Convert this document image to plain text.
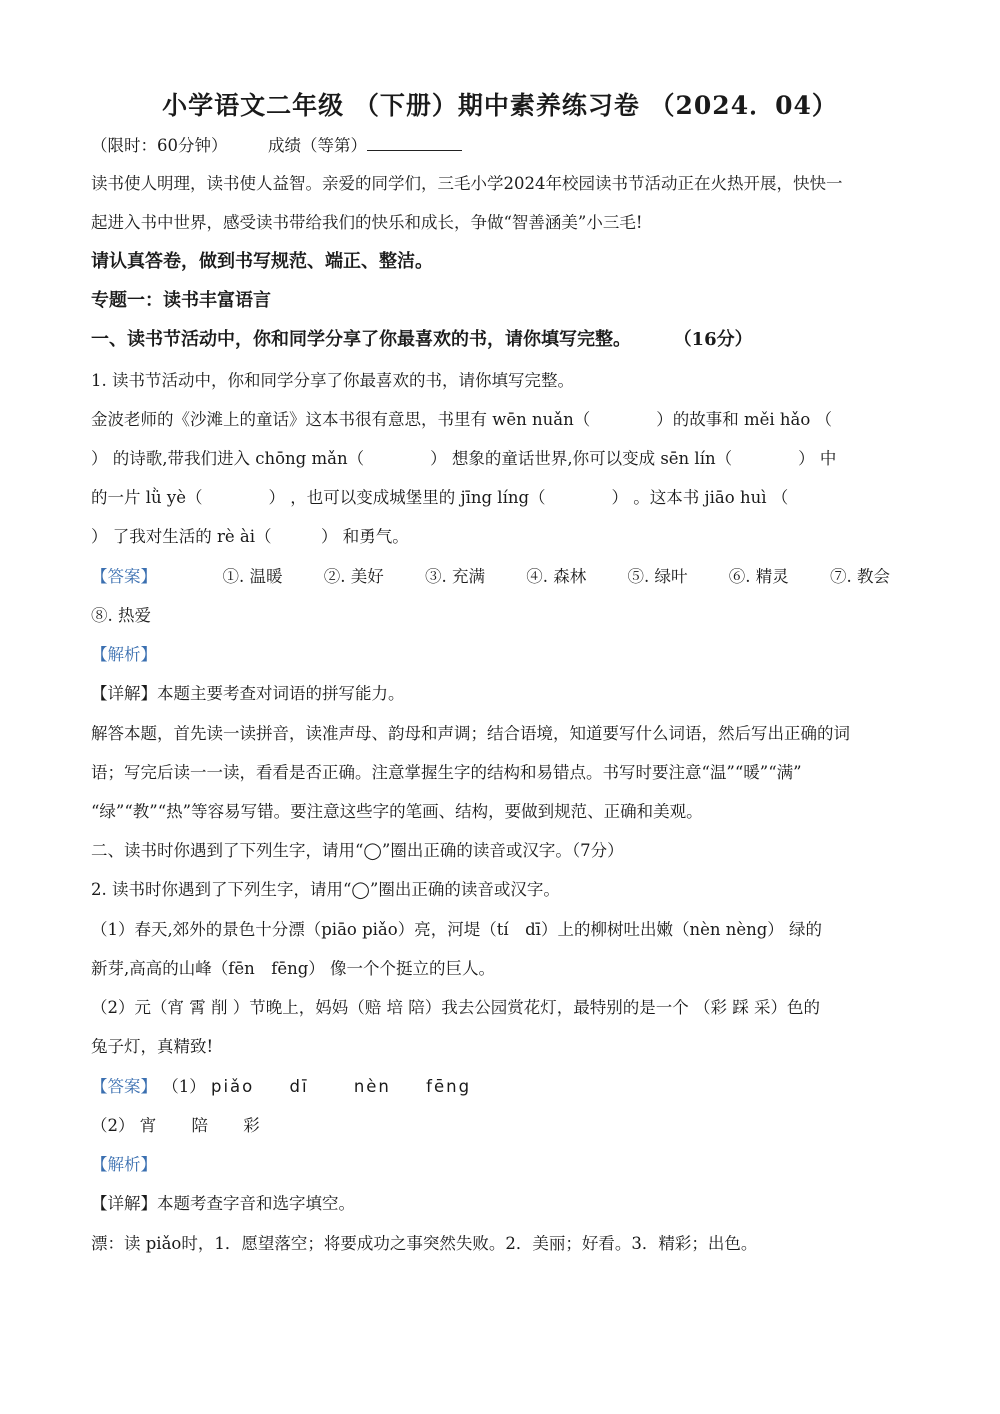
小学语文二年级 （下册）期中素养练习卷 （2024．04）
（限时：60分钟） 成绩（等第）
读书使人明理，读书使人益智。亲爱的同学们，三毛小学2024年校园读书节活动正在火热开展，快快一
起进入书中世界，感受读书带给我们的快乐和成长，争做“智善涵美”小三毛!
请认真答卷，做到书写规范、端正、整洁。
专题一：读书丰富语言
一、读书节活动中，你和同学分享了你最喜欢的书，请你填写完整。 （16分）
1. 读书节活动中，你和同学分享了你最喜欢的书，请你填写完整。
金波老师的《沙滩上的童话》这本书很有意思，书里有 wēn nuǎn（　　　　）的故事和 měi hǎo （
） 的诗歌,带我们进入 chōng mǎn（　　　　） 想象的童话世界,你可以变成 sēn lín（　　　　） 中
的一片 lǜ yè（　　　　） ，也可以变成城堡里的 jīng líng（　　　　） 。这本书 jiāo huì （
） 了我对生活的 rè ài（　　　） 和勇气。
【答案】	①. 温暖	②. 美好	③. 充满	④. 森林	⑤. 绿叶	⑥. 精灵	⑦. 教会
⑧. 热爱
【解析】
【详解】本题主要考查对词语的拼写能力。
解答本题，首先读一读拼音，读准声母、韵母和声调；结合语境，知道要写什么词语，然后写出正确的词
语；写完后读一一读，看看是否正确。注意掌握生字的结构和易错点。书写时要注意“温”“暖”“满”
“绿”“教”“热”等容易写错。要注意这些字的笔画、结构，要做到规范、正确和美观。
二、读书时你遇到了下列生字，请用“◯”圈出正确的读音或汉字。（7分）
2. 读书时你遇到了下列生字，请用“◯”圈出正确的读音或汉字。
（1）春天,郊外的景色十分漂（piāo piǎo）亮，河堤（tí　dī）上的柳树吐出嫩（nèn nèng） 绿的
新芽,高高的山峰（fēn　fēng） 像一个个挺立的巨人。
（2）元（宵 霄 削 ）节晚上，妈妈（赔 培 陪）我去公园赏花灯，最特别的是一个 （彩 踩 采）色的
兔子灯，真精致!
【答案】 （1） piǎo dī	nèn fēng
（2） 宵 陪 彩
【解析】
【详解】本题考查字音和选字填空。
漂：读 piǎo时，1．愿望落空；将要成功之事突然失败。2．美丽；好看。3．精彩；出色。
